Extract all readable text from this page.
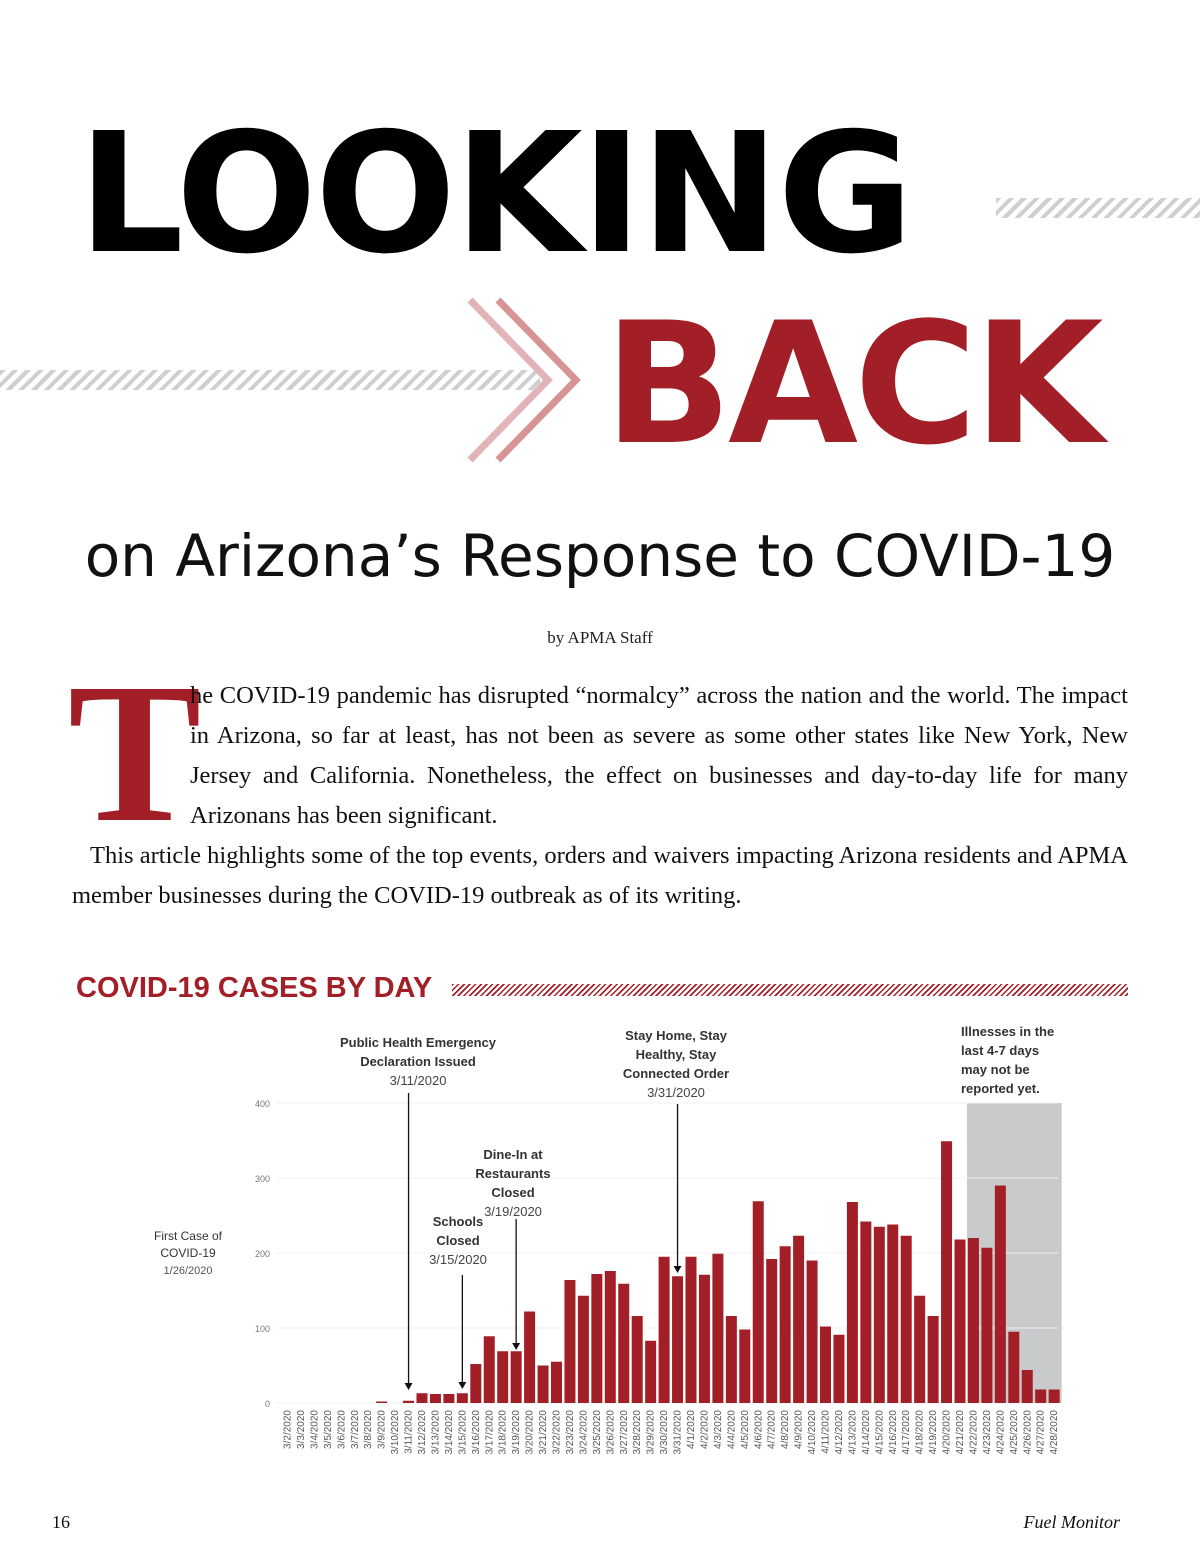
LOOKING
BACK
on Arizona’s Response to COVID-19
by APMA Staff
T
he COVID-19 pandemic has disrupted “normalcy” across the nation and the world. The impact in Arizona, so far at least, has not been as severe as some other states like New York, New Jersey and California. Nonetheless, the effect on businesses and day-to-day life for many Arizonans has been significant.
This article highlights some of the top events, orders and waivers impacting Arizona residents and APMA member businesses during the COVID-19 outbreak as of its writing.
COVID-19 CASES BY DAY
0
100
200
300
400
3/2/2020 3/3/2020 3/4/2020 3/5/2020 3/6/2020 3/7/2020 3/8/2020 3/9/2020 3/10/2020 3/11/2020 3/12/2020 3/13/2020 3/14/2020 3/15/2020 3/16/2020 3/17/2020 3/18/2020 3/19/2020 3/20/2020 3/21/2020 3/22/2020 3/23/2020 3/24/2020 3/25/2020 3/26/2020 3/27/2020 3/28/2020 3/29/2020 3/30/2020 3/31/2020 4/1/2020 4/2/2020 4/3/2020 4/4/2020 4/5/2020 4/6/2020 4/7/2020 4/8/2020 4/9/2020 4/10/2020 4/11/2020 4/12/2020 4/13/2020 4/14/2020 4/15/2020 4/16/2020 4/17/2020 4/18/2020 4/19/2020 4/20/2020 4/21/2020 4/22/2020 4/23/2020 4/24/2020 4/25/2020 4/26/2020 4/27/2020 4/28/2020
Public Health Emergency
Declaration Issued
3/11/2020
Schools
Closed
3/15/2020
Dine-In at
Restaurants
Closed
3/19/2020
Stay Home, Stay
Healthy, Stay
Connected Order
3/31/2020
First Case of
COVID-19
1/26/2020
Illnesses in the
last 4-7 days
may not be
reported yet.
16	Fuel Monitor
